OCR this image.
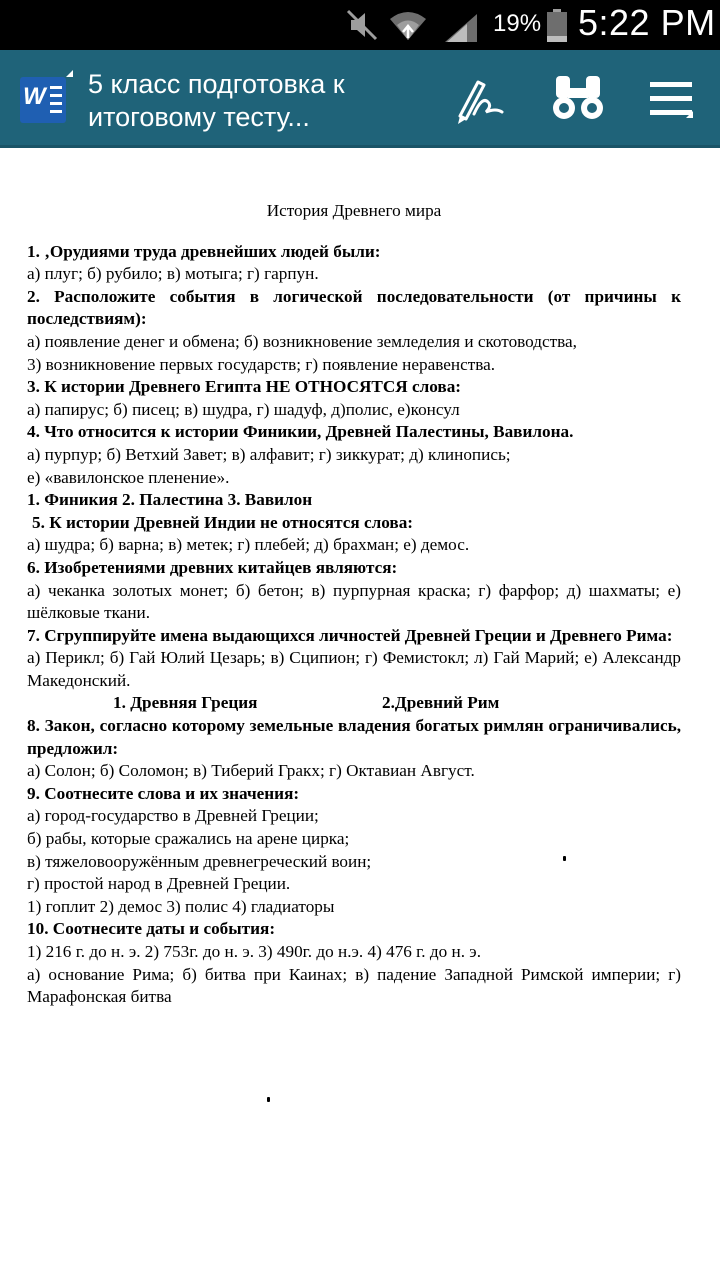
19% 5:22 PM
W 5 класс подготовка к
итоговому тесту...

История Древнего мира

1. ‚Орудиями труда древнейших людей были:

а) плуг; б) рубило; в) мотыга; г) гарпун.

2. Расположите события в логической последовательности (от причины к последствиям):

а) появление денег и обмена; б) возникновение земледелия и скотоводства,

3) возникновение первых государств; г) появление неравенства.

3. К истории Древнего Египта НЕ ОТНОСЯТСЯ слова:

а) папирус; б) писец; в) шудра, г) шадуф, д)полис, е)консул

4. Что относится к истории Финикии, Древней Палестины, Вавилона.

а) пурпур; б) Ветхий Завет; в) алфавит; г) зиккурат; д) клинопись;

е) «вавилонское пленение».

1. Финикия 2. Палестина 3. Вавилон

5. К истории Древней Индии не относятся слова:

а) шудра; б) варна; в) метек; г) плебей; д) брахман; е) демос.

6. Изобретениями древних китайцев являются:

а) чеканка золотых монет; б) бетон; в) пурпурная краска; г) фарфор; д) шахматы; е) шёлковые ткани.

7. Сгруппируйте имена выдающихся личностей Древней Греции и Древнего Рима:

а) Перикл; б) Гай Юлий Цезарь; в) Сципион; г) Фемистокл; л) Гай Марий; е) Александр Македонский.

1. Древняя Греция	2.Древний Рим

8. Закон, согласно которому земельные владения богатых римлян ограничивались, предложил:

а) Солон; б) Соломон; в) Тиберий Гракх; г) Октавиан Август.

9. Соотнесите слова и их значения:

а) город-государство в Древней Греции;

б) рабы, которые сражались на арене цирка;

в) тяжеловооружённым древнегреческий воин;

г) простой народ в Древней Греции.

1) гоплит 2) демос 3) полис 4) гладиаторы

10. Соотнесите даты и события:

1) 216 г. до н. э. 2) 753г. до н. э. 3) 490г. до н.э. 4) 476 г. до н. э.

а) основание Рима; б) битва при Каинах; в) падение Западной Римской империи; г) Марафонская битва
